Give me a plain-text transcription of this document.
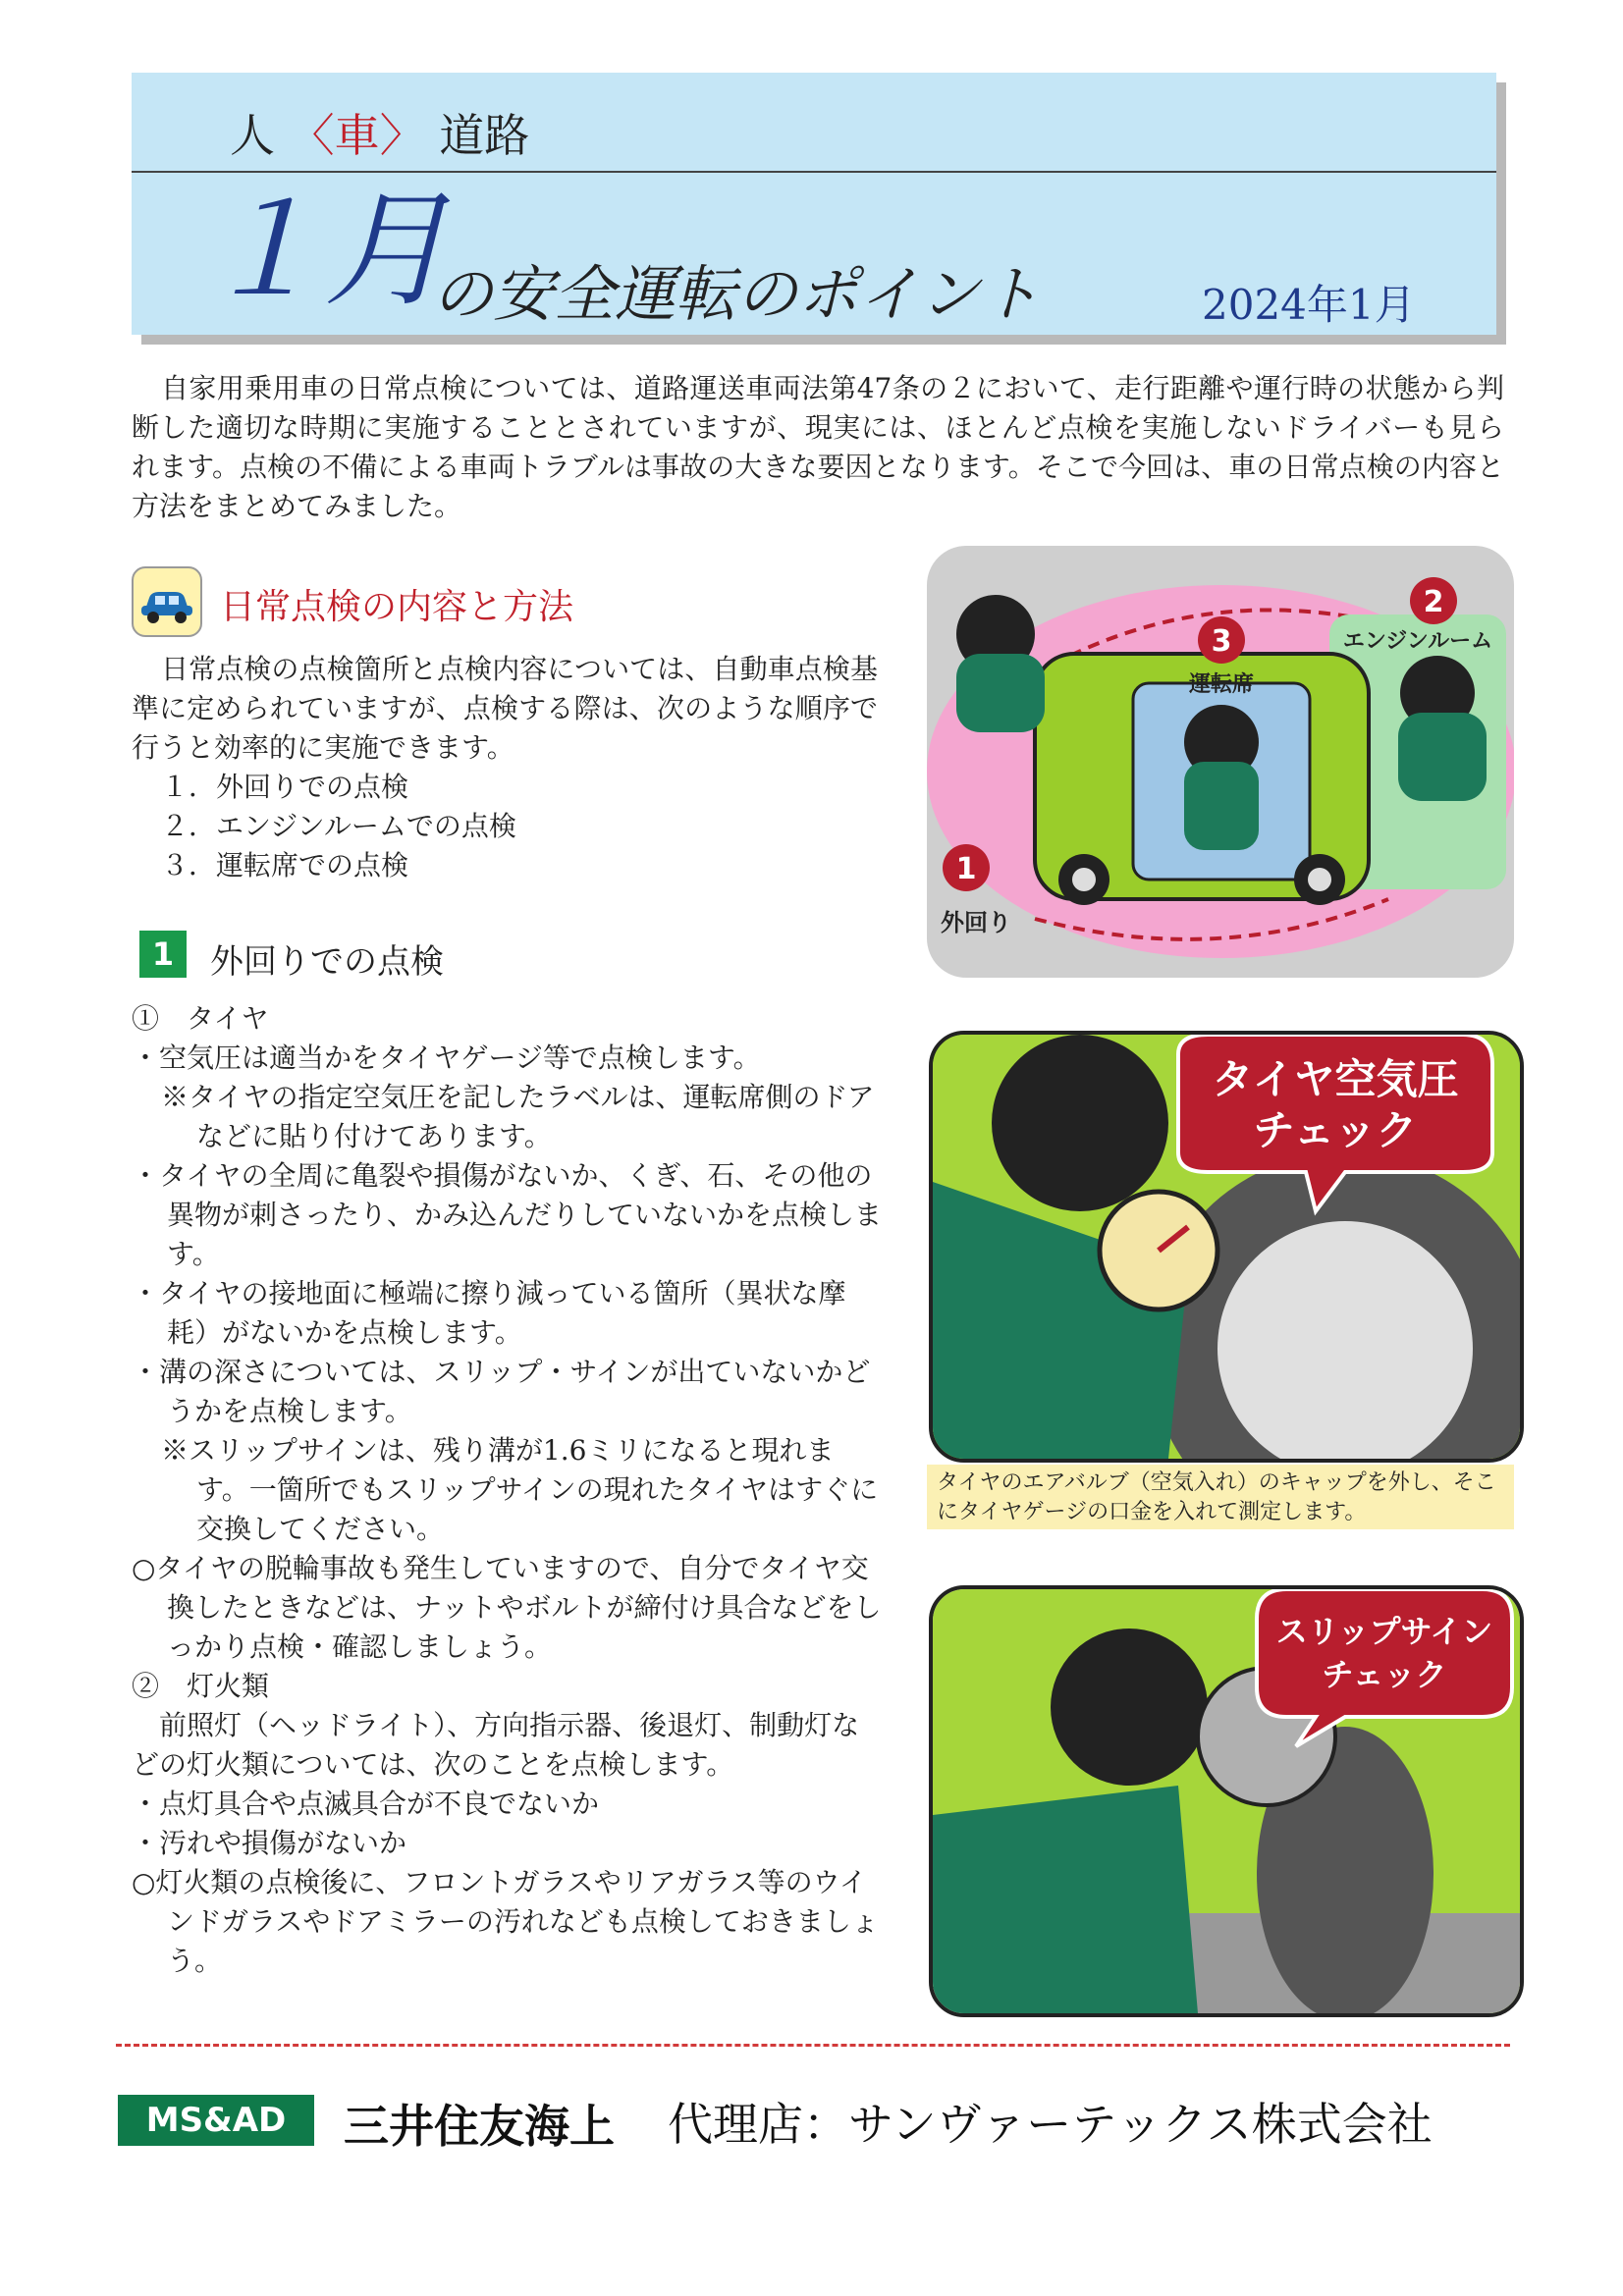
人 〈車〉 道路
１月
の安全運転のポイント	2024年1月
自家用乗用車の日常点検については、道路運送車両法第47条の２において、走行距離や運行時の状態から判断した適切な時期に実施することとされていますが、現実には、ほとんど点検を実施しないドライバーも見られます。点検の不備による車両トラブルは事故の大きな要因となります。そこで今回は、車の日常点検の内容と方法をまとめてみました。
日常点検の内容と方法
日常点検の点検箇所と点検内容については、自動車点検基準に定められていますが、点検する際は、次のような順序で行うと効率的に実施できます。
１．外回りでの点検
２．エンジンルームでの点検
３．運転席での点検
1	外回りでの点検

①　タイヤ

・空気圧は適当かをタイヤゲージ等で点検します。

※タイヤの指定空気圧を記したラベルは、運転席側のドアなどに貼り付けてあります。

・タイヤの全周に亀裂や損傷がないか、くぎ、石、その他の異物が刺さったり、かみ込んだりしていないかを点検します。

・タイヤの接地面に極端に擦り減っている箇所（異状な摩耗）がないかを点検します。

・溝の深さについては、スリップ・サインが出ていないかどうかを点検します。

※スリップサインは、残り溝が1.6ミリになると現れます。一箇所でもスリップサインの現れたタイヤはすぐに交換してください。

○タイヤの脱輪事故も発生していますので、自分でタイヤ交換したときなどは、ナットやボルトが締付け具合などをしっかり点検・確認しましょう。

②　灯火類

　前照灯（ヘッドライト）、方向指示器、後退灯、制動灯などの灯火類については、次のことを点検します。

・点灯具合や点滅具合が不良でないか

・汚れや損傷がないか

○灯火類の点検後に、フロントガラスやリアガラス等のウインドガラスやドアミラーの汚れなども点検しておきましょう。

1
外回り
2
エンジンルーム
3
運転席
タイヤ空気圧
チェック
タイヤのエアバルブ（空気入れ）のキャップを外し、そこにタイヤゲージの口金を入れて測定します。
スリップサイン
チェック
MS&AD	三井住友海上 代理店：サンヴァーテックス株式会社
